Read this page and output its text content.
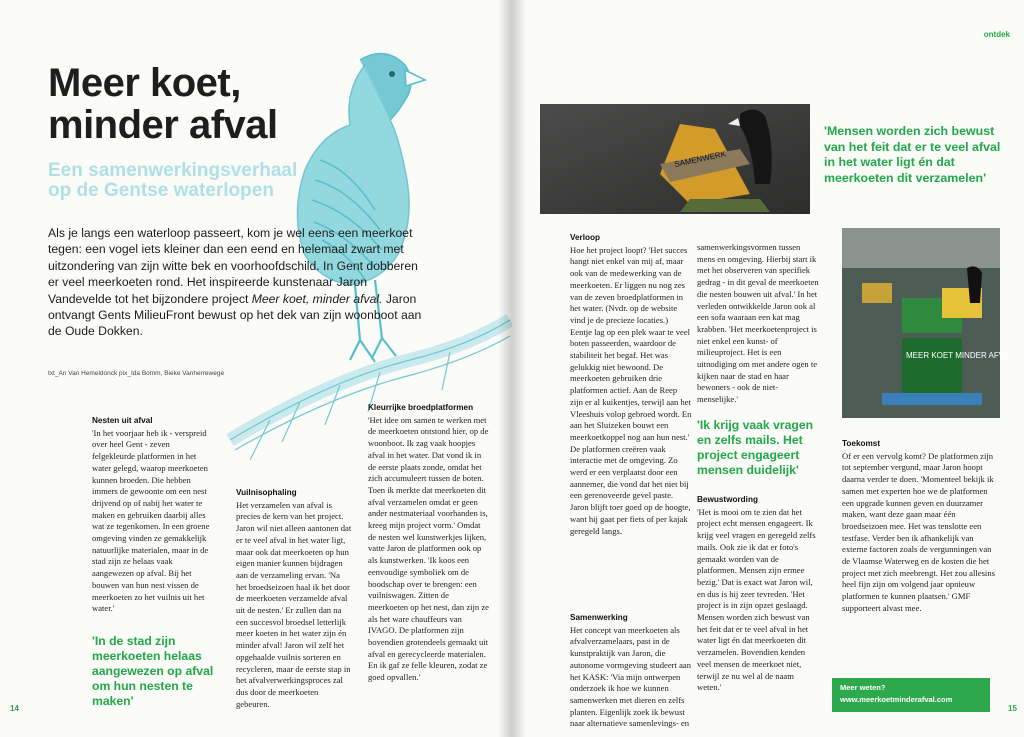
Meer koet,
minder afval
Een samenwerkingsverhaal
op de Gentse waterlopen
Als je langs een waterloop passeert, kom je wel eens een meerkoet tegen: een vogel iets kleiner dan een eend en helemaal zwart met uitzondering van zijn witte bek en voorhoofdschild. In Gent dobberen er veel meerkoeten rond. Het inspireerde kunstenaar Jaron Vandevelde tot het bijzondere project Meer koet, minder afval. Jaron ontvangt Gents MilieuFront bewust op het dek van zijn woonboot aan de Oude Dokken.
txt_An Van Hemeldonck pix_Ida Bomm, Bieke Vanherrewege
Nesten uit afval
'In het voorjaar heb ik - verspreid over heel Gent - zeven felgekleurde platformen in het water gelegd, waarop meerkoeten kunnen broeden. Die hebben immers de gewoonte om een nest drijvend op of nabij het water te maken en gebruiken daarbij alles wat ze tegenkomen. In een groene omgeving vinden ze gemakkelijk natuurlijke materialen, maar in de stad zijn ze helaas vaak aangewezen op afval. Bij het bouwen van hun nest vissen de meerkoeten zo het vuilnis uit het water.'
'In de stad zijn meerkoeten helaas aangewezen op afval om hun nesten te maken'
Vuilnisophaling
Het verzamelen van afval is precies de kern van het project. Jaron wil niet alleen aantonen dat er te veel afval in het water ligt, maar ook dat meerkoeten op hun eigen manier kunnen bijdragen aan de verzameling ervan. 'Na het broedseizoen haal ik het door de meerkoeten verzamelde afval uit de nesten.' Er zullen dan na een succesvol broedsel letterlijk meer koeten in het water zijn én minder afval! Jaron wil zelf het opgehaalde vuilnis sorteren en recycleren, maar de eerste stap in het afvalverwerkingsproces zal dus door de meerkoeten gebeuren.
Kleurrijke broedplatformen
'Het idee om samen te werken met de meerkoeten ontstond hier, op de woonboot. Ik zag vaak hoopjes afval in het water. Dat vond ik in de eerste plaats zonde, omdat het zich accumuleert tussen de boten. Toen ik merkte dat meerkoeten dit afval verzamelen omdat er geen ander nestmateriaal voorhanden is, kreeg mijn project vorm.' Omdat de nesten wel kunstwerkjes lijken, vatte Jaron de platformen ook op als kunstwerken. 'Ik koos een eenvoudige symboliek om de boodschap over te brengen: een vuilniswagen. Zitten de meerkoeten op het nest, dan zijn ze als het ware chauffeurs van IVAGO. De platformen zijn bovendien grotendeels gemaakt uit afval en gerecycleerde materialen. En ik gaf ze felle kleuren, zodat ze goed opvallen.'
14
ontdek
SAMENWERK
'Mensen worden zich bewust van het feit dat er te veel afval in het water ligt én dat meerkoeten dit verzamelen'
MEER KOET MINDER AFVAL
Verloop
Hoe het project loopt? 'Het succes hangt niet enkel van mij af, maar ook van de medewerking van de meerkoeten. Er liggen nu nog zes van de zeven broedplatformen in het water. (Nvdr. op de website vind je de precieze locaties.) Eentje lag op een plek waar te veel boten passeerden, waardoor de stabiliteit het begaf. Het was gelukkig niet bewoond. De meerkoeten gebruiken drie platformen actief. Aan de Reep zijn er al kuikentjes, terwijl aan het Vleeshuis volop gebroed wordt. En aan het Sluizeken bouwt een meerkoetkoppel nog aan hun nest.' De platformen creëren vaak interactie met de omgeving. Zo werd er een verplaatst door een aannemer, die vond dat het niet bij een gerenoveerde gevel paste. Jaron blijft toer goed op de hoogte, want hij gaat per fiets of per kajak geregeld langs.
Samenwerking
Het concept van meerkoeten als afvalverzamelaars, past in de kunstpraktijk van Jaron, die autonome vormgeving studeert aan het KASK: 'Via mijn ontwerpen onderzoek ik hoe we kunnen samenwerken met dieren en zelfs planten. Eigenlijk zoek ik bewust naar alternatieve samenlevings- en
samenwerkingsvormen tussen mens en omgeving. Hierbij start ik met het observeren van specifiek gedrag - in dit geval de meerkoeten die nesten bouwen uit afval.' In het verleden ontwikkelde Jaron ook al een sofa waaraan een kat mag krabben. 'Het meerkoetenproject is niet enkel een kunst- of milieuproject. Het is een uitnodiging om met andere ogen te kijken naar de stad en haar bewoners - ook de niet-menselijke.'
'Ik krijg vaak vragen en zelfs mails. Het project engageert mensen duidelijk'
Bewustwording
'Het is mooi om te zien dat het project echt mensen engageert. Ik krijg veel vragen en geregeld zelfs mails. Ook zie ik dat er foto's gemaakt worden van de platformen. Mensen zijn ermee bezig.' Dat is exact wat Jaron wil, en dus is hij zeer tevreden. 'Het project is in zijn opzet geslaagd. Mensen worden zich bewust van het feit dat er te veel afval in het water ligt én dat meerkoeten dit verzamelen. Bovendien kenden veel mensen de meerkoet niet, terwijl ze nu wel al de naam weten.'
Toekomst
Of er een vervolg komt? De platformen zijn tot september vergund, maar Jaron hoopt daarna verder te doen. 'Momenteel bekijk ik samen met experten hoe we de platformen een upgrade kunnen geven en duurzamer maken, want deze gaan maar één broedseizoen mee. Het was tenslotte een testfase. Verder ben ik afhankelijk van externe factoren zoals de vergunningen van de Vlaamse Waterweg en de kosten die het project met zich meebrengt. Het zou allesins heel fijn zijn om volgend jaar opnieuw platformen te kunnen plaatsen.' GMF supporteert alvast mee.
15
Meer weten?
www.meerkoetminderafval.com
